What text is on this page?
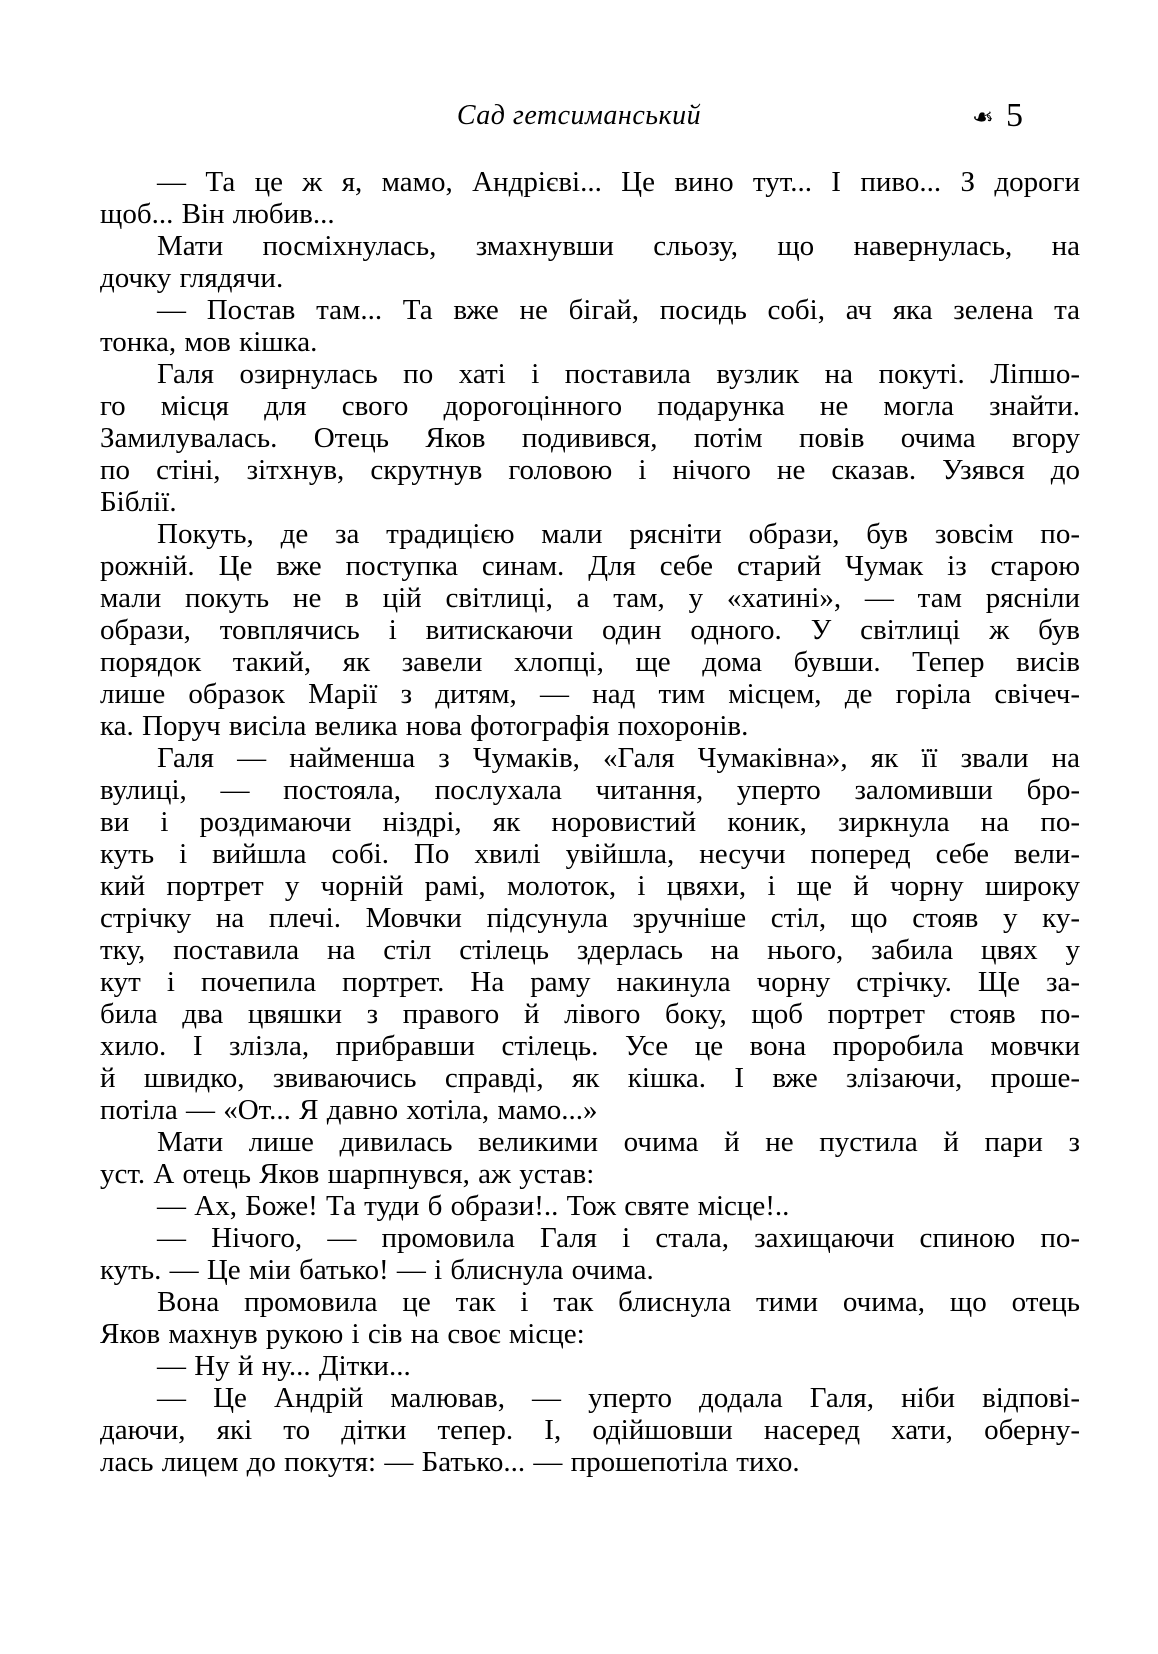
Сад гетсиманський	❧ 5
— Та це ж я, мамо, Андрієві... Це вино тут... І пиво... З дороги
щоб... Він любив...
Мати посміхнулась, змахнувши сльозу, що навернулась, на
дочку глядячи.
— Постав там... Та вже не бігай, посидь собі, ач яка зелена та
тонка, мов кішка.
Галя озирнулась по хаті і поставила вузлик на покуті. Ліпшо-
го місця для свого дорогоцінного подарунка не могла знайти.
Замилувалась. Отець Яков подивився, потім повів очима вгору
по стіні, зітхнув, скрутнув головою і нічого не сказав. Узявся до
Біблії.
Покуть, де за традицією мали рясніти образи, був зовсім по-
рожній. Це вже поступка синам. Для себе старий Чумак із старою
мали покуть не в цій світлиці, а там, у «хатині», — там рясніли
образи, товплячись і витискаючи один одного. У світлиці ж був
порядок такий, як завели хлопці, ще дома бувши. Тепер висів
лише образок Марії з дитям, — над тим місцем, де горіла свічеч-
ка. Поруч висіла велика нова фотографія похоронів.
Галя — найменша з Чумаків, «Галя Чумаківна», як її звали на
вулиці, — постояла, послухала читання, уперто заломивши бро-
ви і роздимаючи ніздрі, як норовистий коник, зиркнула на по-
куть і вийшла собі. По хвилі увійшла, несучи поперед себе вели-
кий портрет у чорній рамі, молоток, і цвяхи, і ще й чорну широку
стрічку на плечі. Мовчки підсунула зручніше стіл, що стояв у ку-
тку, поставила на стіл стілець здерлась на нього, забила цвях у
кут і почепила портрет. На раму накинула чорну стрічку. Ще за-
била два цвяшки з правого й лівого боку, щоб портрет стояв по-
хило. І злізла, прибравши стілець. Усе це вона проробила мовчки
й швидко, звиваючись справді, як кішка. І вже злізаючи, проше-
потіла — «От... Я давно хотіла, мамо...»
Мати лише дивилась великими очима й не пустила й пари з
уст. А отець Яков шарпнувся, аж устав:
— Ах, Боже! Та туди б образи!.. Тож святе місце!..
— Нічого, — промовила Галя і стала, захищаючи спиною по-
куть. — Це міи батько! — і блиснула очима.
Вона промовила це так і так блиснула тими очима, що отець
Яков махнув рукою і сів на своє місце:
— Ну й ну... Дітки...
— Це Андрій малював, — уперто додала Галя, ніби відпові-
даючи, які то дітки тепер. І, одійшовши насеред хати, оберну-
лась лицем до покутя: — Батько... — прошепотіла тихо.
